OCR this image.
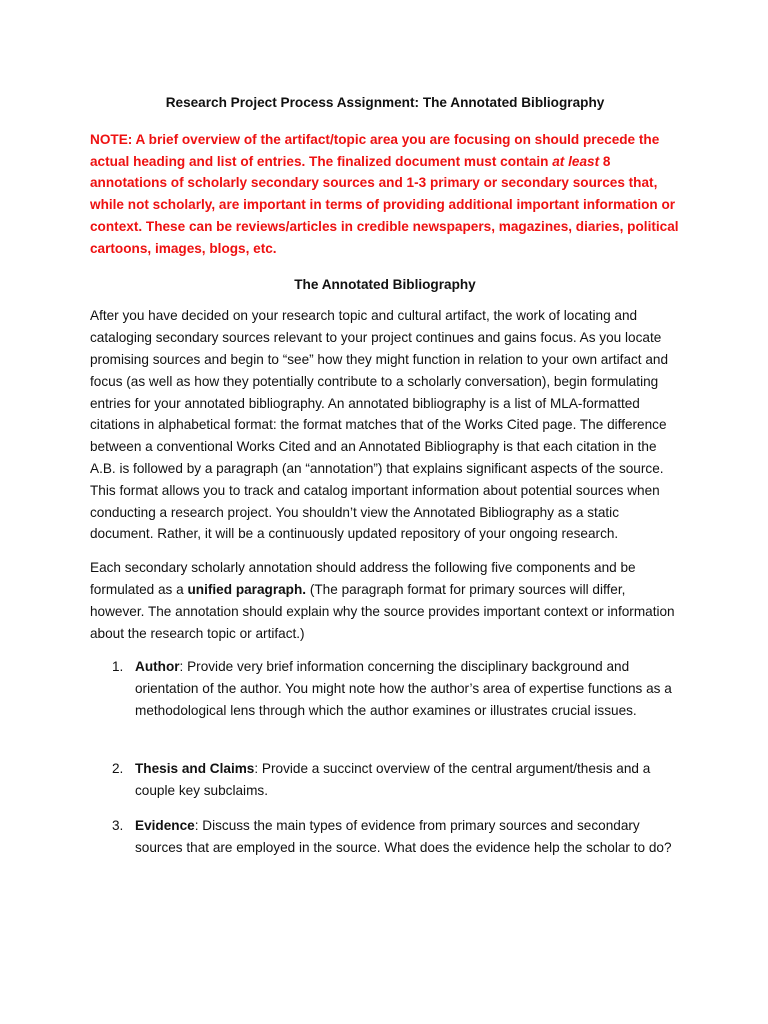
Research Project Process Assignment: The Annotated Bibliography

NOTE: A brief overview of the artifact/topic area you are focusing on should precede the actual heading and list of entries. The finalized document must contain at least 8 annotations of scholarly secondary sources and 1-3 primary or secondary sources that, while not scholarly, are important in terms of providing additional important information or context. These can be reviews/articles in credible newspapers, magazines, diaries, political cartoons, images, blogs, etc.

The Annotated Bibliography

After you have decided on your research topic and cultural artifact, the work of locating and cataloging secondary sources relevant to your project continues and gains focus. As you locate promising sources and begin to “see” how they might function in relation to your own artifact and focus (as well as how they potentially contribute to a scholarly conversation), begin formulating entries for your annotated bibliography. An annotated bibliography is a list of MLA-formatted citations in alphabetical format: the format matches that of the Works Cited page. The difference between a conventional Works Cited and an Annotated Bibliography is that each citation in the A.B. is followed by a paragraph (an “annotation”) that explains significant aspects of the source. This format allows you to track and catalog important information about potential sources when conducting a research project. You shouldn’t view the Annotated Bibliography as a static document. Rather, it will be a continuously updated repository of your ongoing research.

Each secondary scholarly annotation should address the following five components and be formulated as a unified paragraph. (The paragraph format for primary sources will differ, however. The annotation should explain why the source provides important context or information about the research topic or artifact.)

1. Author: Provide very brief information concerning the disciplinary background and orientation of the author. You might note how the author’s area of expertise functions as a methodological lens through which the author examines or illustrates crucial issues.
2. Thesis and Claims: Provide a succinct overview of the central argument/thesis and a couple key subclaims.
3. Evidence: Discuss the main types of evidence from primary sources and secondary sources that are employed in the source. What does the evidence help the scholar to do?
